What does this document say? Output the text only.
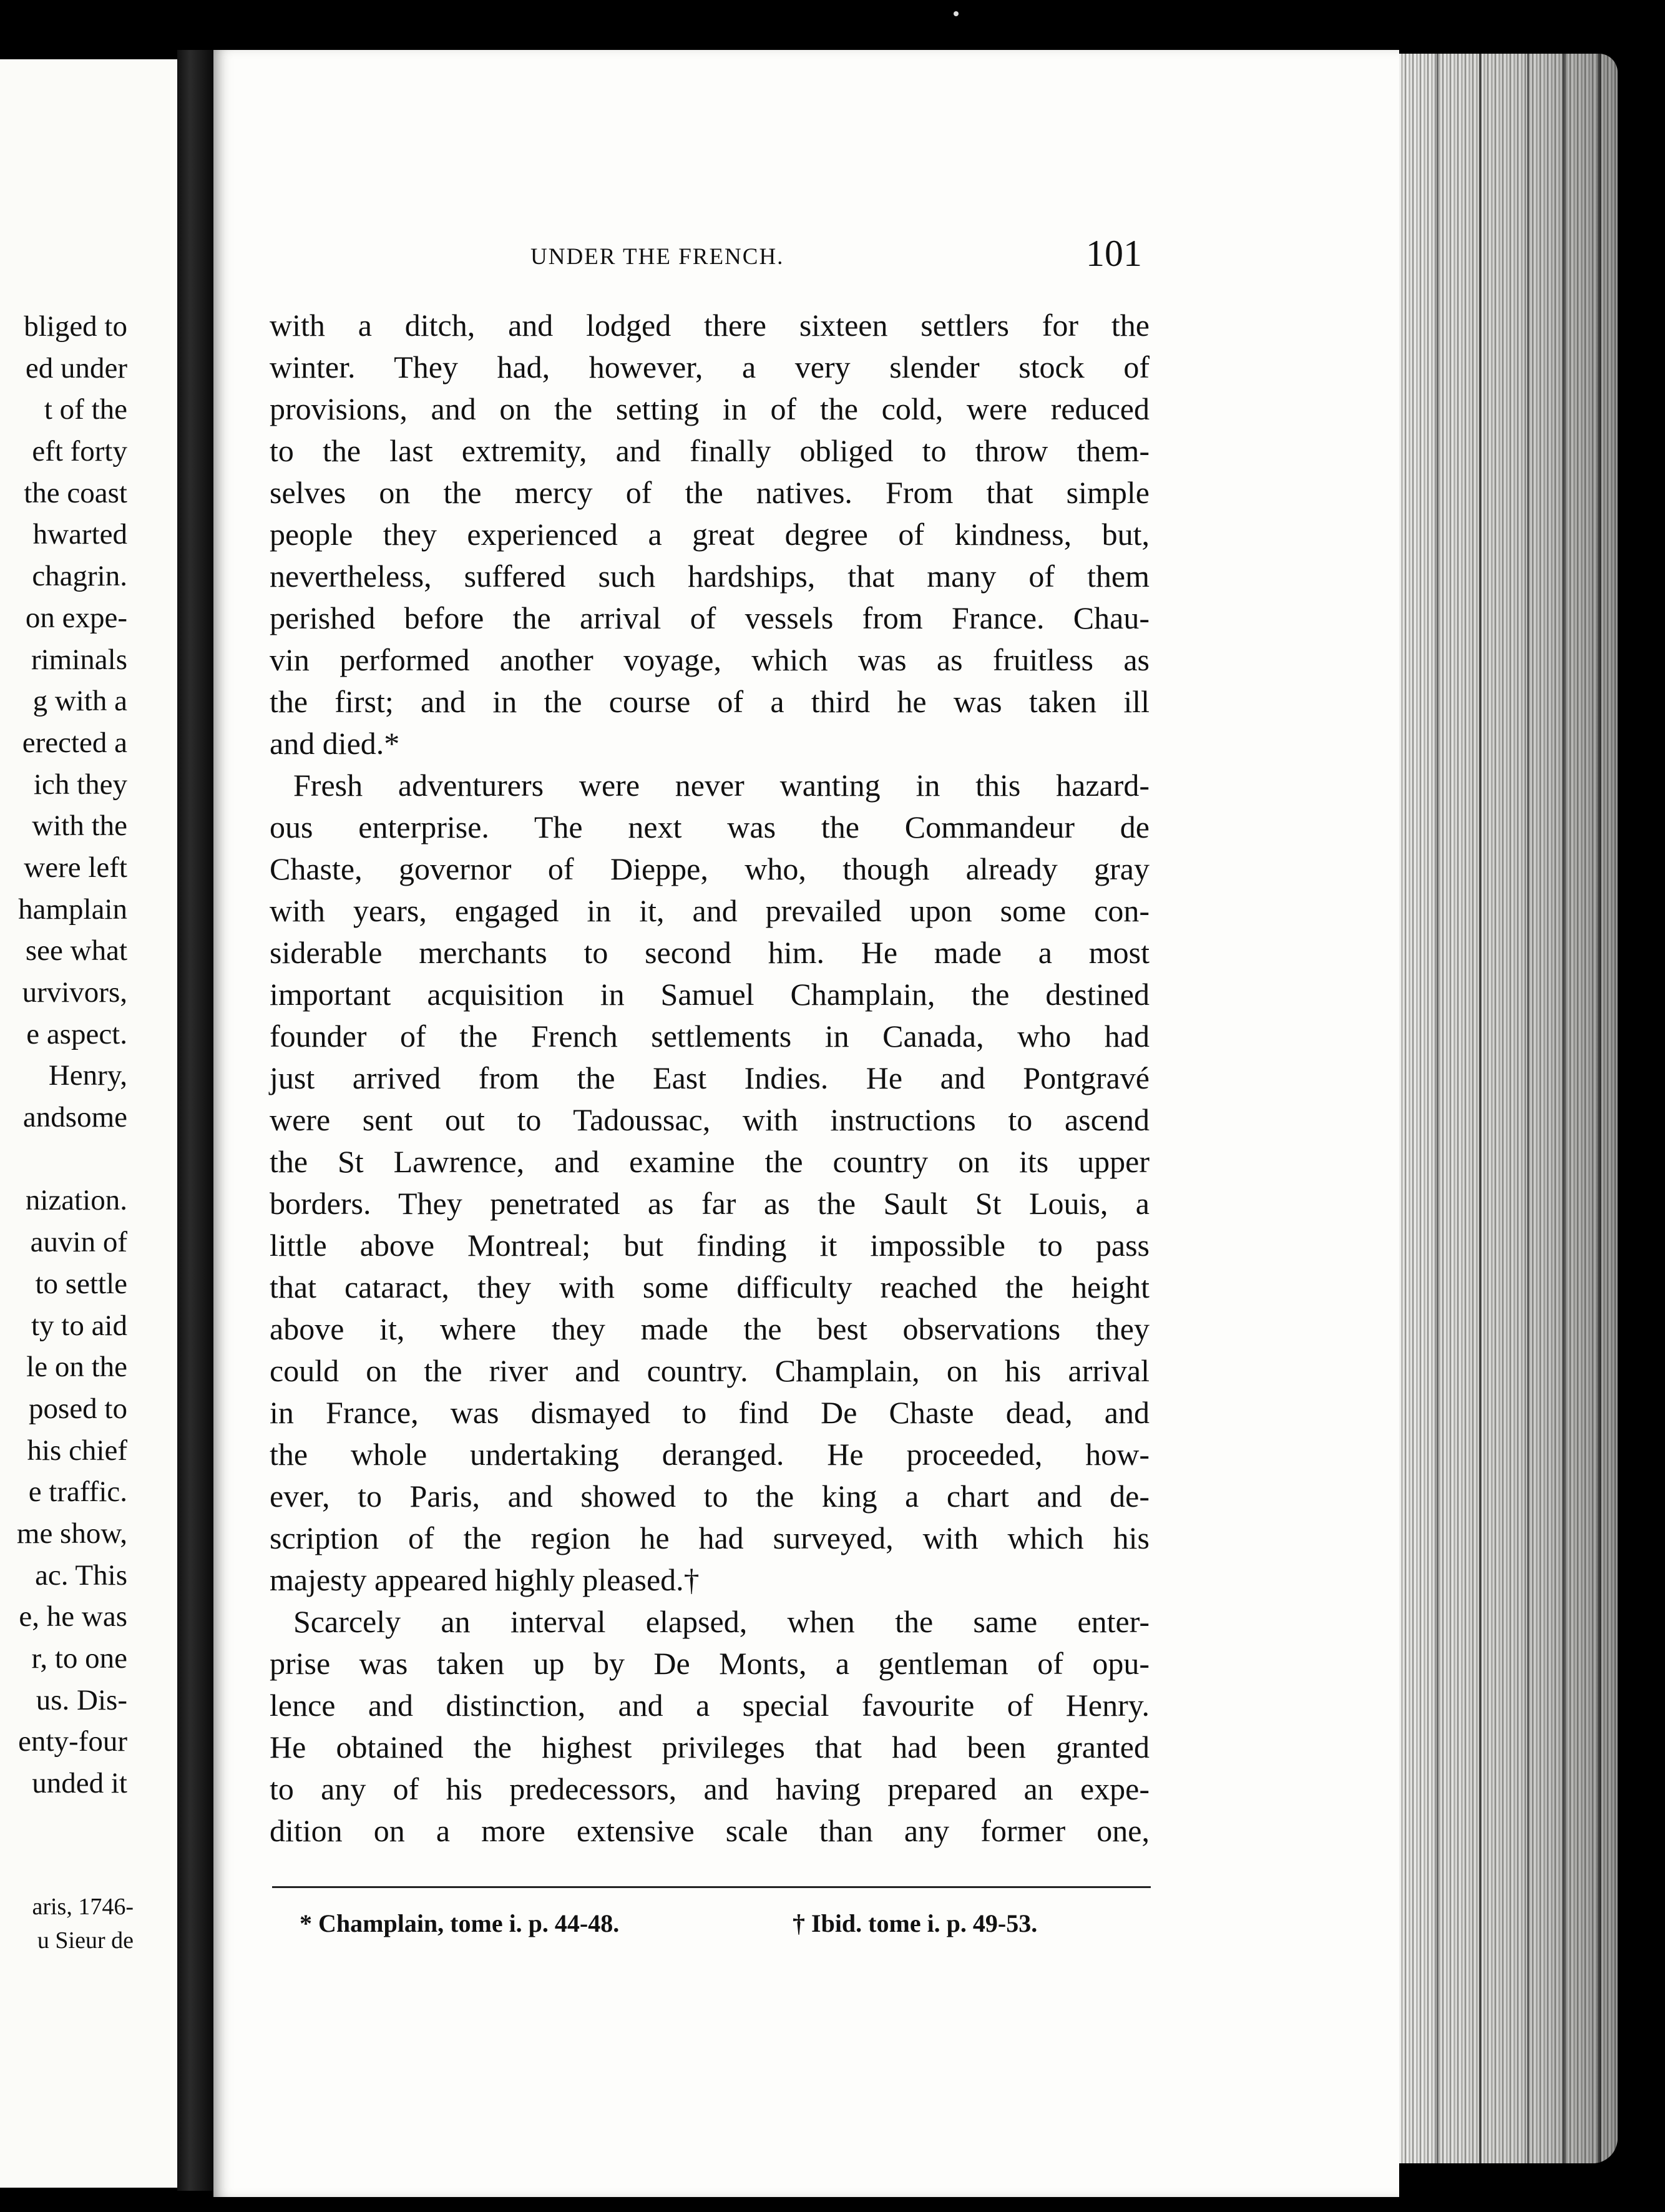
bliged to
ed under
t of the
eft forty
the coast
hwarted
chagrin.
on expe-
riminals
g with a
erected a
ich they
with the
were left
hamplain
see what
urvivors,
e aspect.
Henry,
andsome
nization.
auvin of
to settle
ty to aid
le on the
posed to
his chief
e traffic.
me show,
ac. This
e, he was
r, to one
us. Dis-
enty-four
unded it
aris, 1746-
u Sieur de
UNDER THE FRENCH.	101
with a ditch, and lodged there sixteen settlers for the
winter. They had, however, a very slender stock of
provisions, and on the setting in of the cold, were reduced
to the last extremity, and finally obliged to throw them-
selves on the mercy of the natives. From that simple
people they experienced a great degree of kindness, but,
nevertheless, suffered such hardships, that many of them
perished before the arrival of vessels from France. Chau-
vin performed another voyage, which was as fruitless as
the first; and in the course of a third he was taken ill
and died.*
Fresh adventurers were never wanting in this hazard-
ous enterprise. The next was the Commandeur de
Chaste, governor of Dieppe, who, though already gray
with years, engaged in it, and prevailed upon some con-
siderable merchants to second him. He made a most
important acquisition in Samuel Champlain, the destined
founder of the French settlements in Canada, who had
just arrived from the East Indies. He and Pontgravé
were sent out to Tadoussac, with instructions to ascend
the St Lawrence, and examine the country on its upper
borders. They penetrated as far as the Sault St Louis, a
little above Montreal; but finding it impossible to pass
that cataract, they with some difficulty reached the height
above it, where they made the best observations they
could on the river and country. Champlain, on his arrival
in France, was dismayed to find De Chaste dead, and
the whole undertaking deranged. He proceeded, how-
ever, to Paris, and showed to the king a chart and de-
scription of the region he had surveyed, with which his
majesty appeared highly pleased.†
Scarcely an interval elapsed, when the same enter-
prise was taken up by De Monts, a gentleman of opu-
lence and distinction, and a special favourite of Henry.
He obtained the highest privileges that had been granted
to any of his predecessors, and having prepared an expe-
dition on a more extensive scale than any former one,
* Champlain, tome i. p. 44-48.	† Ibid. tome i. p. 49-53.
